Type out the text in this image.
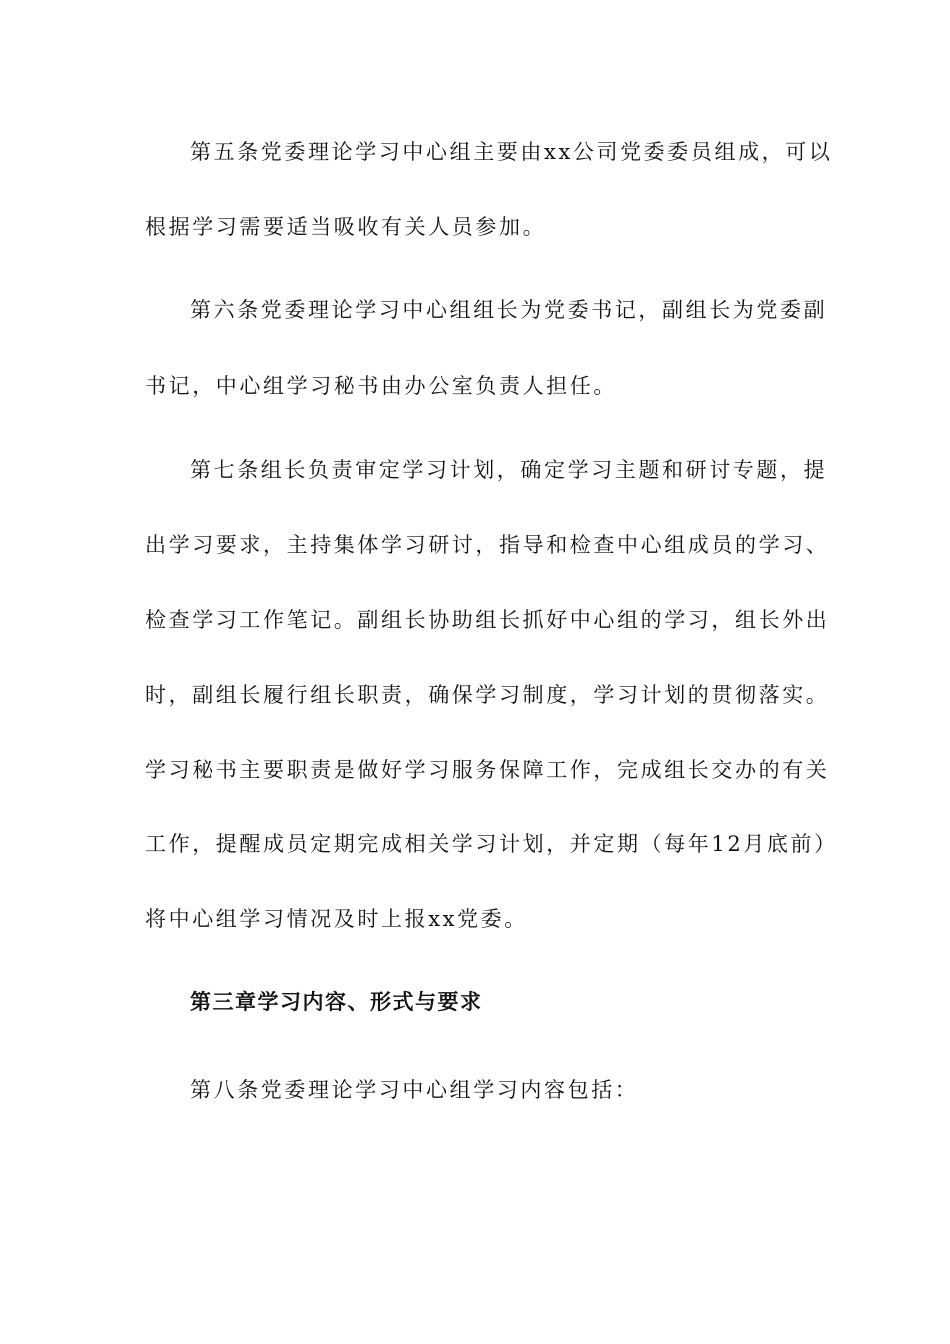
第五条党委理论学习中心组主要由xx公司党委委员组成，可以
根据学习需要适当吸收有关人员参加。
第六条党委理论学习中心组组长为党委书记，副组长为党委副
书记，中心组学习秘书由办公室负责人担任。
第七条组长负责审定学习计划，确定学习主题和研讨专题，提
出学习要求，主持集体学习研讨，指导和检查中心组成员的学习、
检查学习工作笔记。副组长协助组长抓好中心组的学习，组长外出
时，副组长履行组长职责，确保学习制度，学习计划的贯彻落实。
学习秘书主要职责是做好学习服务保障工作，完成组长交办的有关
工作，提醒成员定期完成相关学习计划，并定期（每年12月底前）
将中心组学习情况及时上报xx党委。
第三章学习内容、形式与要求
第八条党委理论学习中心组学习内容包括：
